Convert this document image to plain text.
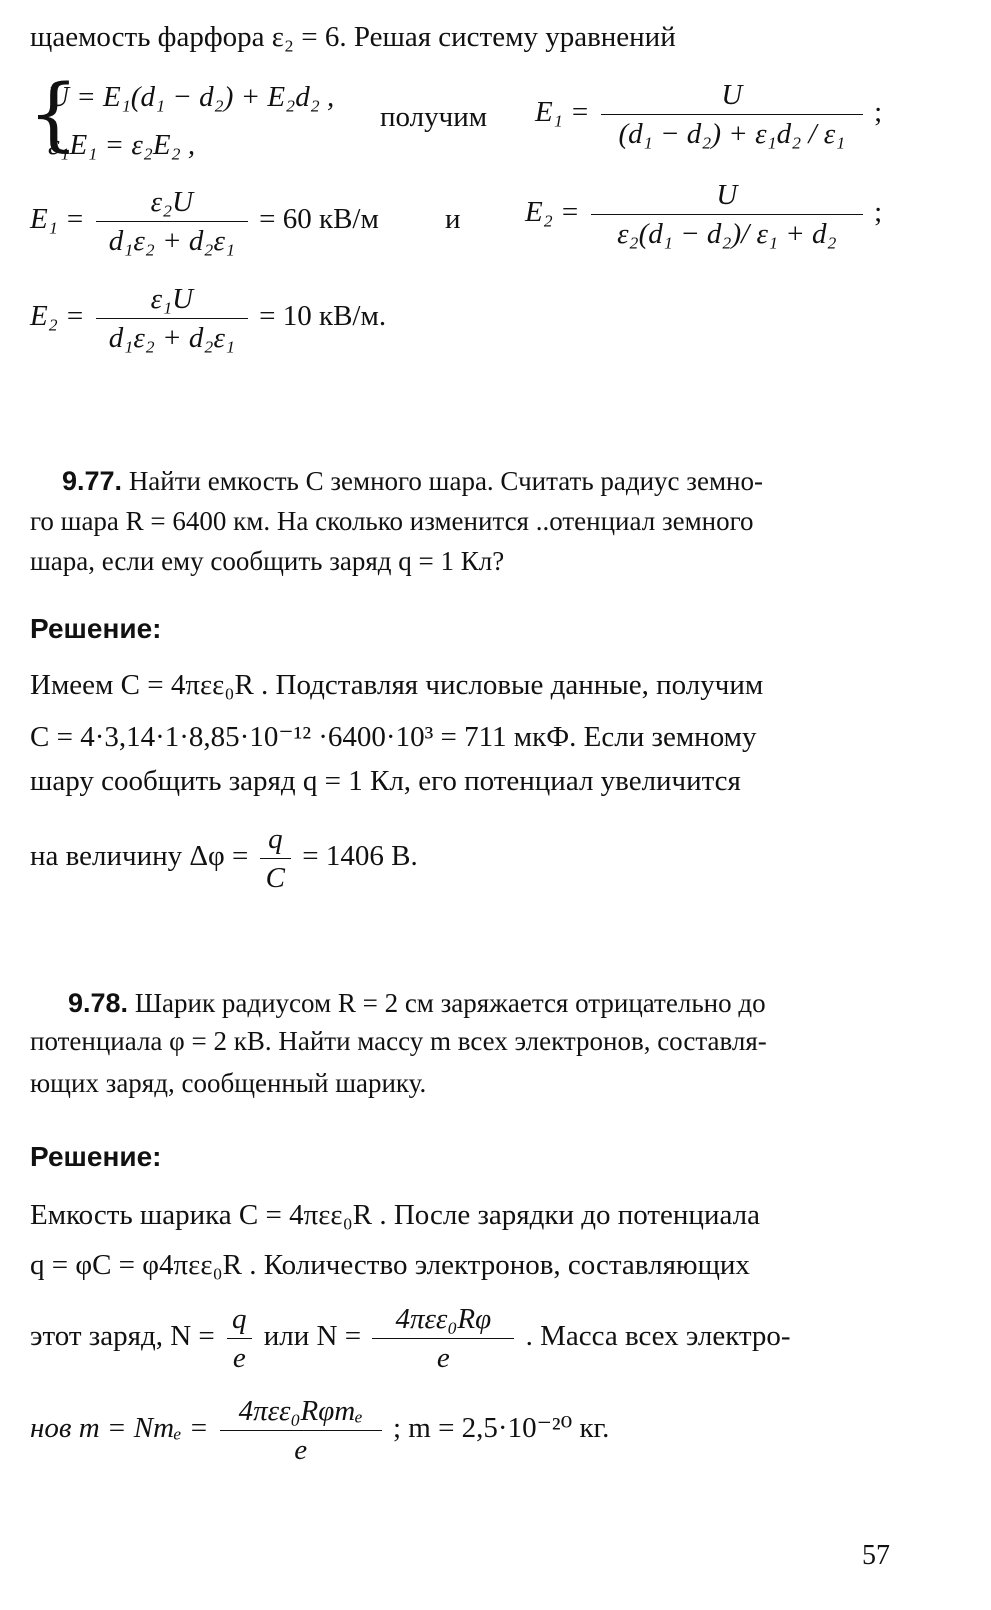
щаемость фарфора ε₂ = 6. Решая систему уравнений
{
U = E₁(d₁ − d₂) + E₂d₂ ,
ε₁E₁ = ε₂E₂ ,
получим $E_1 = \frac{U}{\text{(d₁ − d₂) + ε₁d₂ / ε₁}}$ ;
$E_1 = \frac{\text{ε₂U}}{\text{d₁ε₂ + d₂ε₁}} = 60$ кВ/м и $E_2 = \frac{U}{\text{ε₂(d₁ − d₂)/ ε₁ + d₂}}$ ;
$E_2 = \frac{\text{ε₁U}}{\text{d₁ε₂ + d₂ε₁}} = 10$ кВ/м.
9.77. Найти емкость C земного шара. Считать радиус земно-
го шара R = 6400 км. На сколько изменится ..отенциал земного
шара, если ему сообщить заряд q = 1 Кл?
Решение:
Имеем C = 4πεε₀R . Подставляя числовые данные, получим
C = 4·3,14·1·8,85·10⁻¹² ·6400·10³ = 711 мкФ. Если земному
шару сообщить заряд q = 1 Кл, его потенциал увеличится
на величину $\Delta\varphi = \frac{q}{C} = 1406$ В.
9.78. Шарик радиусом R = 2 см заряжается отрицательно до
потенциала φ = 2 кВ. Найти массу m всех электронов, составля-
ющих заряд, сообщенный шарику.
Решение:
Емкость шарика C = 4πεε₀R . После зарядки до потенциала
q = φC = φ4πεε₀R . Количество электронов, составляющих
этот заряд, $N = \frac{q}{e}$ или $N = \frac{\text{4πεε₀Rφ}}{e}$ . Масса всех электро-
нов $m = Nm_e = \frac{\text{4πεε₀Rφmₑ}}{e}$ ; m = 2,5·10⁻²⁰ кг.
57
